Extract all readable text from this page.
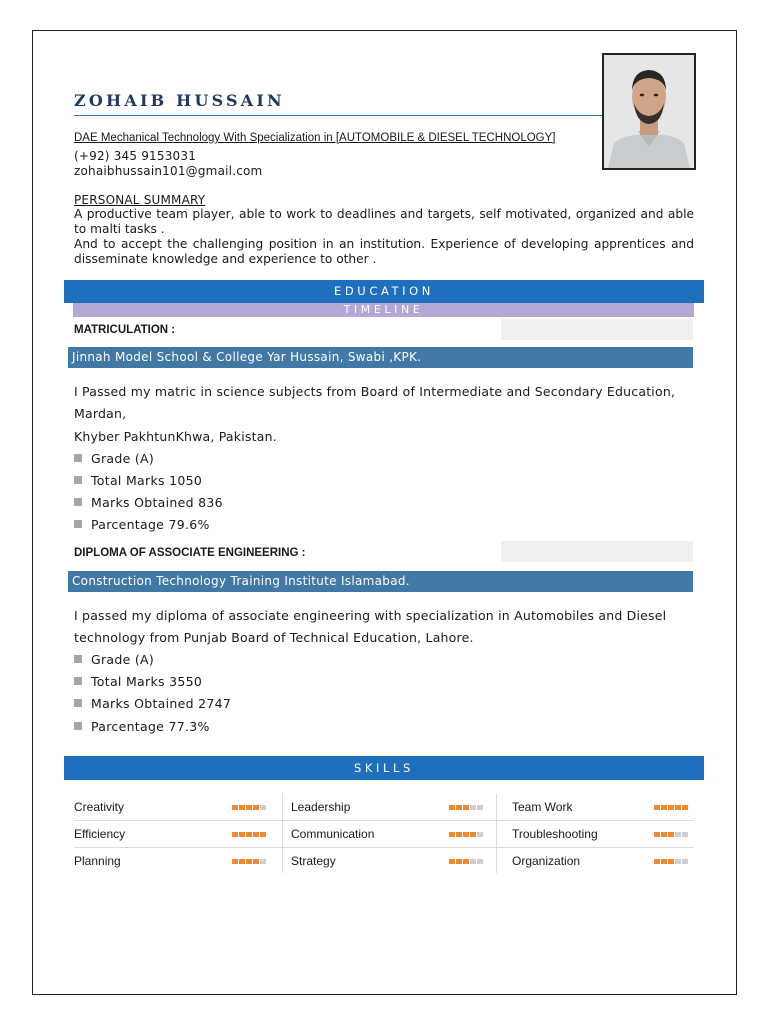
ZOHAIB HUSSAIN
DAE Mechanical Technology With Specialization in [AUTOMOBILE & DIESEL TECHNOLOGY]
(+92) 345 9153031
zohaibhussain101@gmail.com
PERSONAL SUMMARY
A productive team player, able to work to deadlines and targets, self motivated, organized and able to malti tasks .
And to accept the challenging position in an institution. Experience of developing apprentices and disseminate knowledge and experience to other .
EDUCATION
TIMELINE
MATRICULATION :
Jinnah Model School & College Yar Hussain, Swabi ,KPK.
I Passed my matric in science subjects from Board of Intermediate and Secondary Education,
Mardan,
Khyber PakhtunKhwa, Pakistan.
Grade (A)
Total Marks 1050
Marks Obtained 836
Parcentage 79.6%
DIPLOMA OF ASSOCIATE ENGINEERING :
Construction Technology Training Institute Islamabad.
I passed my diploma of associate engineering with specialization in Automobiles and Diesel
technology from Punjab Board of Technical Education, Lahore.
Grade (A)
Total Marks 3550
Marks Obtained 2747
Parcentage 77.3%
SKILLS
Creativity	Leadership	Team Work
Efficiency	Communication	Troubleshooting
Planning	Strategy	Organization
